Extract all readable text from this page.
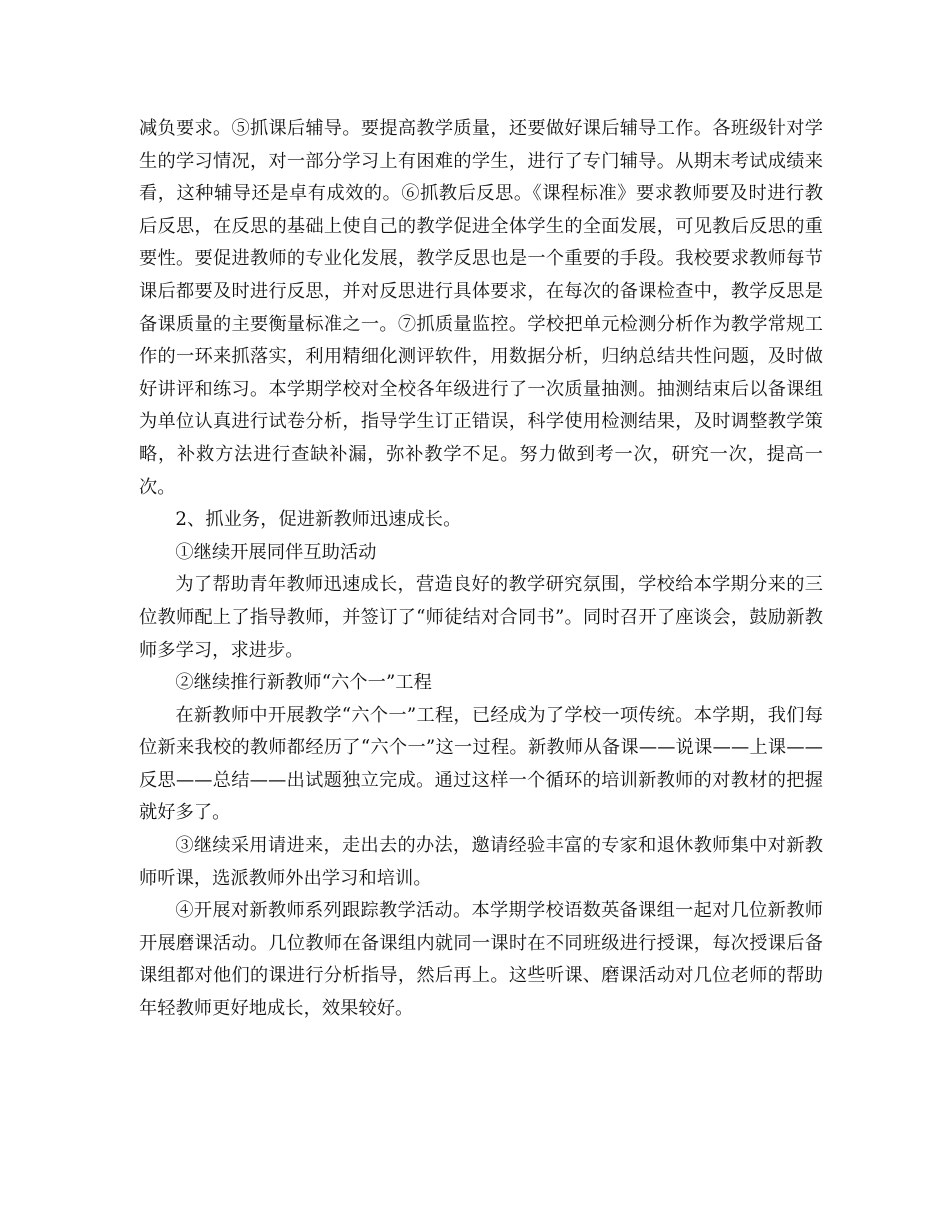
减负要求。⑤抓课后辅导。要提高教学质量，还要做好课后辅导工作。各班级针对学生的学习情况，对一部分学习上有困难的学生，进行了专门辅导。从期末考试成绩来看，这种辅导还是卓有成效的。⑥抓教后反思。《课程标准》要求教师要及时进行教后反思，在反思的基础上使自己的教学促进全体学生的全面发展，可见教后反思的重要性。要促进教师的专业化发展，教学反思也是一个重要的手段。我校要求教师每节课后都要及时进行反思，并对反思进行具体要求，在每次的备课检查中，教学反思是备课质量的主要衡量标准之一。⑦抓质量监控。学校把单元检测分析作为教学常规工作的一环来抓落实，利用精细化测评软件，用数据分析，归纳总结共性问题，及时做好讲评和练习。本学期学校对全校各年级进行了一次质量抽测。抽测结束后以备课组为单位认真进行试卷分析，指导学生订正错误，科学使用检测结果，及时调整教学策略，补救方法进行查缺补漏，弥补教学不足。努力做到考一次，研究一次，提高一次。

2、抓业务，促进新教师迅速成长。

①继续开展同伴互助活动

为了帮助青年教师迅速成长，营造良好的教学研究氛围，学校给本学期分来的三位教师配上了指导教师，并签订了“师徒结对合同书”。同时召开了座谈会，鼓励新教师多学习，求进步。

②继续推行新教师“六个一”工程

在新教师中开展教学“六个一”工程，已经成为了学校一项传统。本学期，我们每位新来我校的教师都经历了“六个一”这一过程。新教师从备课——说课——上课——反思——总结——出试题独立完成。通过这样一个循环的培训新教师的对教材的把握就好多了。

③继续采用请进来，走出去的办法，邀请经验丰富的专家和退休教师集中对新教师听课，选派教师外出学习和培训。

④开展对新教师系列跟踪教学活动。本学期学校语数英备课组一起对几位新教师开展磨课活动。几位教师在备课组内就同一课时在不同班级进行授课，每次授课后备课组都对他们的课进行分析指导，然后再上。这些听课、磨课活动对几位老师的帮助年轻教师更好地成长，效果较好。
